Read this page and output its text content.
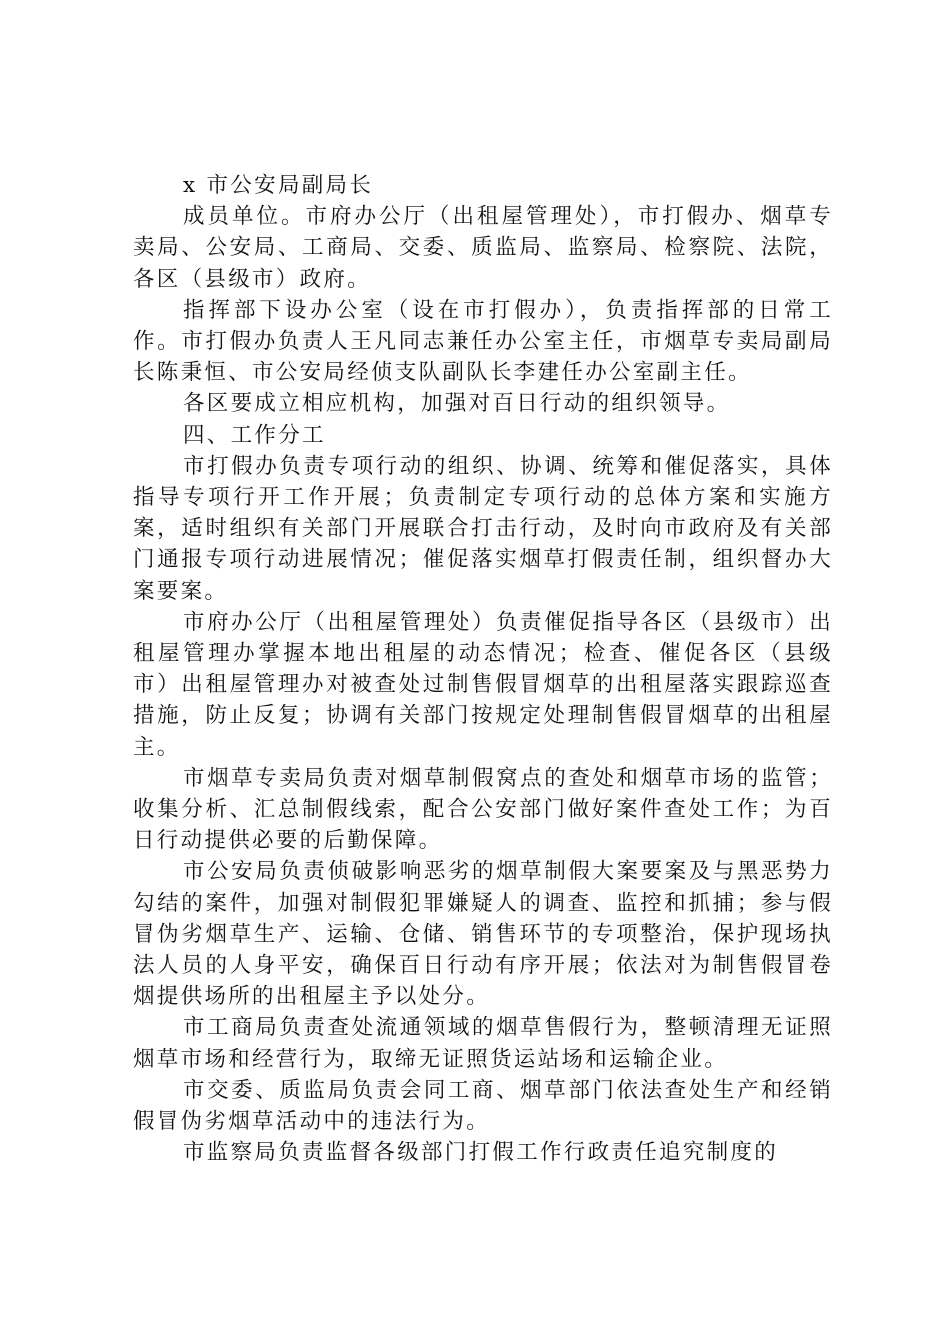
x 市公安局副局长

成员单位。市府办公厅（出租屋管理处），市打假办、烟草专卖局、公安局、工商局、交委、质监局、监察局、检察院、法院，各区（县级市）政府。

指挥部下设办公室（设在市打假办），负责指挥部的日常工作。市打假办负责人王凡同志兼任办公室主任，市烟草专卖局副局长陈秉恒、市公安局经侦支队副队长李建任办公室副主任。

各区要成立相应机构，加强对百日行动的组织领导。

四、工作分工

市打假办负责专项行动的组织、协调、统筹和催促落实，具体指导专项行开工作开展；负责制定专项行动的总体方案和实施方案，适时组织有关部门开展联合打击行动，及时向市政府及有关部门通报专项行动进展情况；催促落实烟草打假责任制，组织督办大案要案。

市府办公厅（出租屋管理处）负责催促指导各区（县级市）出租屋管理办掌握本地出租屋的动态情况；检查、催促各区（县级市）出租屋管理办对被查处过制售假冒烟草的出租屋落实跟踪巡查措施，防止反复；协调有关部门按规定处理制售假冒烟草的出租屋主。

市烟草专卖局负责对烟草制假窝点的查处和烟草市场的监管；收集分析、汇总制假线索，配合公安部门做好案件查处工作；为百日行动提供必要的后勤保障。

市公安局负责侦破影响恶劣的烟草制假大案要案及与黑恶势力勾结的案件，加强对制假犯罪嫌疑人的调查、监控和抓捕；参与假冒伪劣烟草生产、运输、仓储、销售环节的专项整治，保护现场执法人员的人身平安，确保百日行动有序开展；依法对为制售假冒卷烟提供场所的出租屋主予以处分。

市工商局负责查处流通领域的烟草售假行为，整顿清理无证照烟草市场和经营行为，取缔无证照货运站场和运输企业。

市交委、质监局负责会同工商、烟草部门依法查处生产和经销假冒伪劣烟草活动中的违法行为。

市监察局负责监督各级部门打假工作行政责任追究制度的
